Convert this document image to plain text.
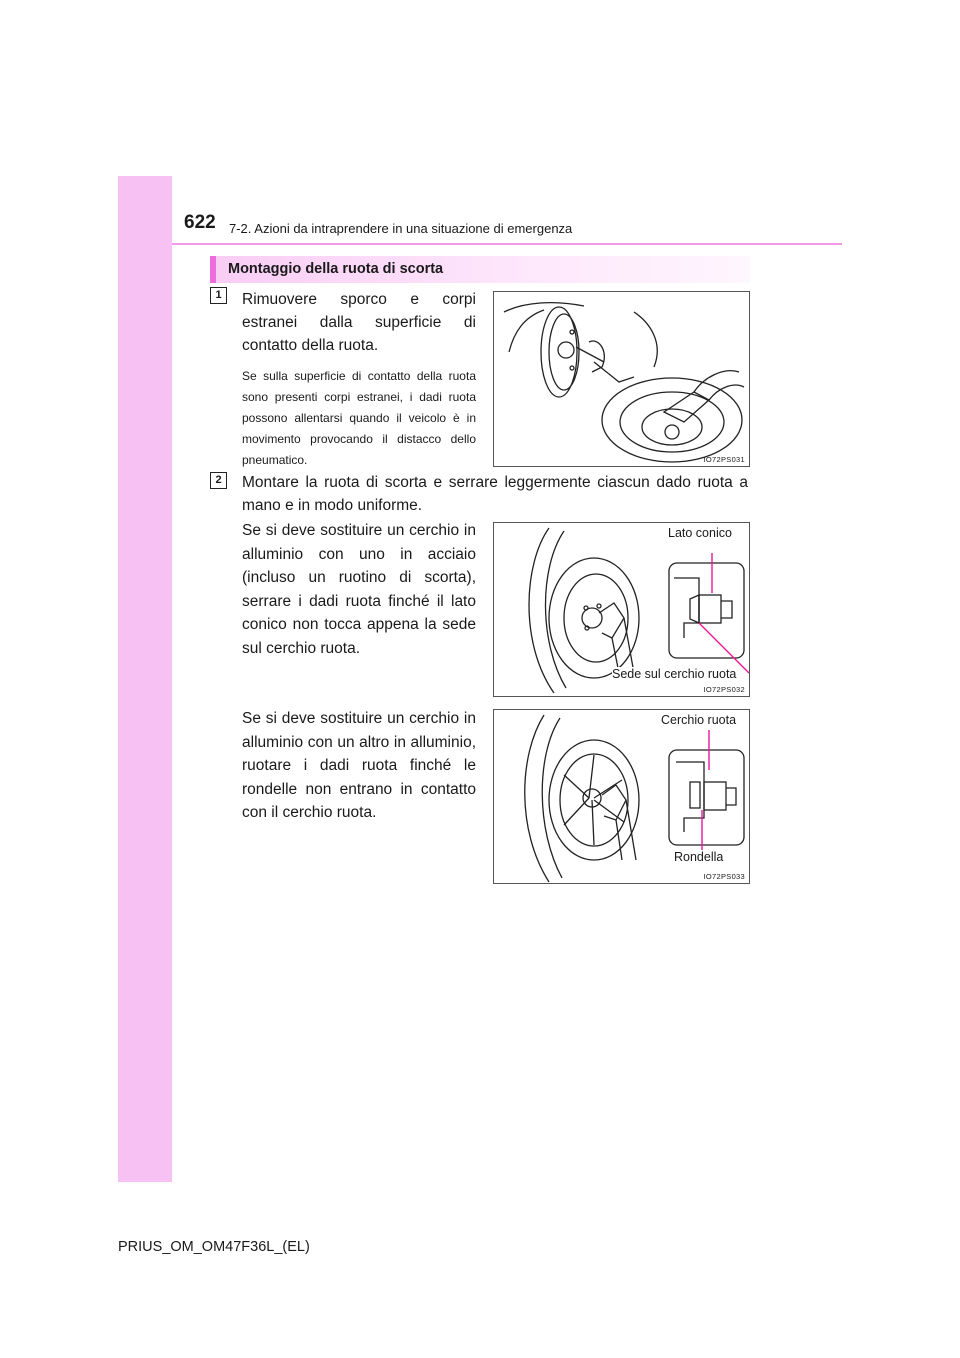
622 7-2. Azioni da intraprendere in una situazione di emergenza
Montaggio della ruota di scorta
1	Rimuovere sporco e corpi estranei dalla superficie di contatto della ruota.
Se sulla superficie di contatto della ruota sono presenti corpi estranei, i dadi ruota possono allentarsi quando il veicolo è in movimento provocando il distacco dello pneumatico.	IO72PS031
2	Montare la ruota di scorta e serrare leggermente ciascun dado ruota a mano e in modo uniforme.
Se si deve sostituire un cerchio in alluminio con uno in acciaio (incluso un ruotino di scorta), serrare i dadi ruota finché il lato conico non tocca appena la sede sul cerchio ruota.
Lato conico
Sede sul cerchio ruota
IO72PS032
Se si deve sostituire un cerchio in alluminio con un altro in alluminio, ruotare i dadi ruota finché le rondelle non entrano in contatto con il cerchio ruota.
Cerchio ruota
Rondella
IO72PS033
PRIUS_OM_OM47F36L_(EL)
